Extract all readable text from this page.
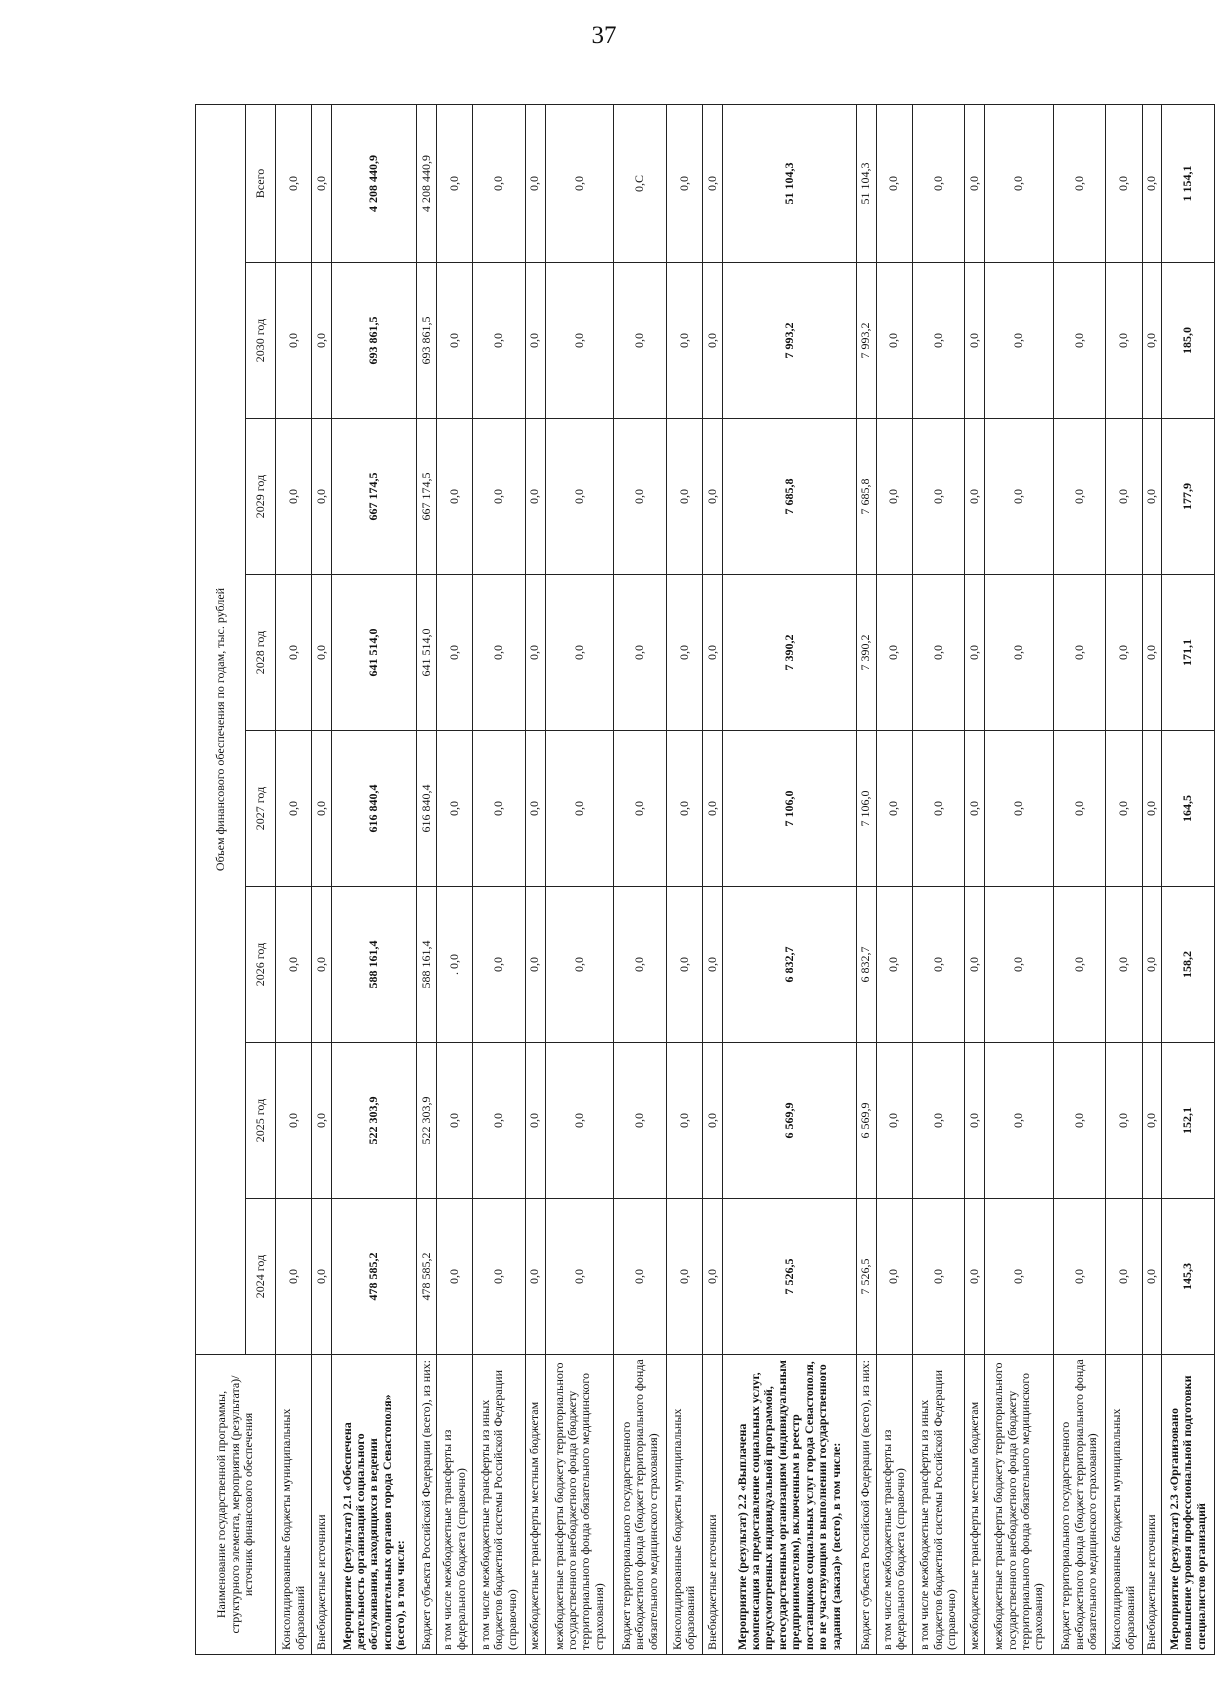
37
Наименование государственной программы, структурного элемента, мероприятия (результата)/источник финансового обеспечения	Объем финансового обеспечения по годам, тыс. рублей							
	2024 год	2025 год	2026 год	2027 год	2028 год	2029 год	2030 год	Всего
Консолидированные бюджеты муниципальных образований	0,0	0,0	0,0	0,0	0,0	0,0	0,0	0,0
Внебюджетные источники	0,0	0,0	0,0	0,0	0,0	0,0	0,0	0,0
Мероприятие (результат) 2.1 «Обеспечена деятельность организаций социального обслуживания, находящихся в ведении исполнительных органов города Севастополя» (всего), в том числе:	478 585,2	522 303,9	588 161,4	616 840,4	641 514,0	667 174,5	693 861,5	4 208 440,9
Бюджет субъекта Российской Федерации (всего), из них:	478 585,2	522 303,9	588 161,4	616 840,4	641 514,0	667 174,5	693 861,5	4 208 440,9
в том числе межбюджетные трансферты из федерального бюджета (справочно)	0,0	0,0	. 0,0	0,0	0,0	0,0	0,0	0,0
в том числе межбюджетные трансферты из иных бюджетов бюджетной системы Российской Федерации (справочно)	0,0	0,0	0,0	0,0	0,0	0,0	0,0	0,0
межбюджетные трансферты местным бюджетам	0,0	0,0	0,0	0,0	0,0	0,0	0,0	0,0
межбюджетные трансферты бюджету территориального государственного внебюджетного фонда (бюджету территориального фонда обязательного медицинского страхования)	0,0	0,0	0,0	0,0	0,0	0,0	0,0	0,0
Бюджет территориального государственного внебюджетного фонда (бюджет территориального фонда обязательного медицинского страхования)	0,0	0,0	0,0	0,0	0,0	0,0	0,0	0,С
Консолидированные бюджеты муниципальных образований	0,0	0,0	0,0	0,0	0,0	0,0	0,0	0,0
Внебюджетные источники	0,0	0,0	0,0	0,0	0,0	0,0	0,0	0,0
Мероприятие (результат) 2.2 «Выплачена компенсация за предоставление социальных услуг, предусмотренных индивидуальной программой, негосударственным организациям (индивидуальным предпринимателям), включенным в реестр поставщиков социальных услуг города Севастополя, но не участвующим в выполнении государственного задания (заказа)» (всего), в том числе:	7 526,5	6 569,9	6 832,7	7 106,0	7 390,2	7 685,8	7 993,2	51 104,3
Бюджет субъекта Российской Федерации (всего), из них:	7 526,5	6 569,9	6 832,7	7 106,0	7 390,2	7 685,8	7 993,2	51 104,3
в том числе межбюджетные трансферты из федерального бюджета (справочно)	0,0	0,0	0,0	0,0	0,0	0,0	0,0	0,0
в том числе межбюджетные трансферты из иных бюджетов бюджетной системы Российской Федерации (справочно)	0,0	0,0	0,0	0,0	0,0	0,0	0,0	0,0
межбюджетные трансферты местным бюджетам	0,0	0,0	0,0	0,0	0,0	0,0	0,0	0,0
межбюджетные трансферты бюджету территориального государственного внебюджетного фонда (бюджету территориального фонда обязательного медицинского страхования)	0,0	0,0	0,0	0,0	0,0	0,0	0,0	0,0
Бюджет территориального государственного внебюджетного фонда (бюджет территориального фонда обязательного медицинского страхования)	0,0	0,0	0,0	0,0	0,0	0,0	0,0	0,0
Консолидированные бюджеты муниципальных образований	0,0	0,0	0,0	0,0	0,0	0,0	0,0	0,0
Внебюджетные источники	0,0	0,0	0,0	0,0	0,0	0,0	0,0	0,0
Мероприятие (результат) 2.3 «Организовано повышение уровня профессиональной подготовки специалистов организаций	145,3	152,1	158,2	164,5	171,1	177,9	185,0	1 154,1
